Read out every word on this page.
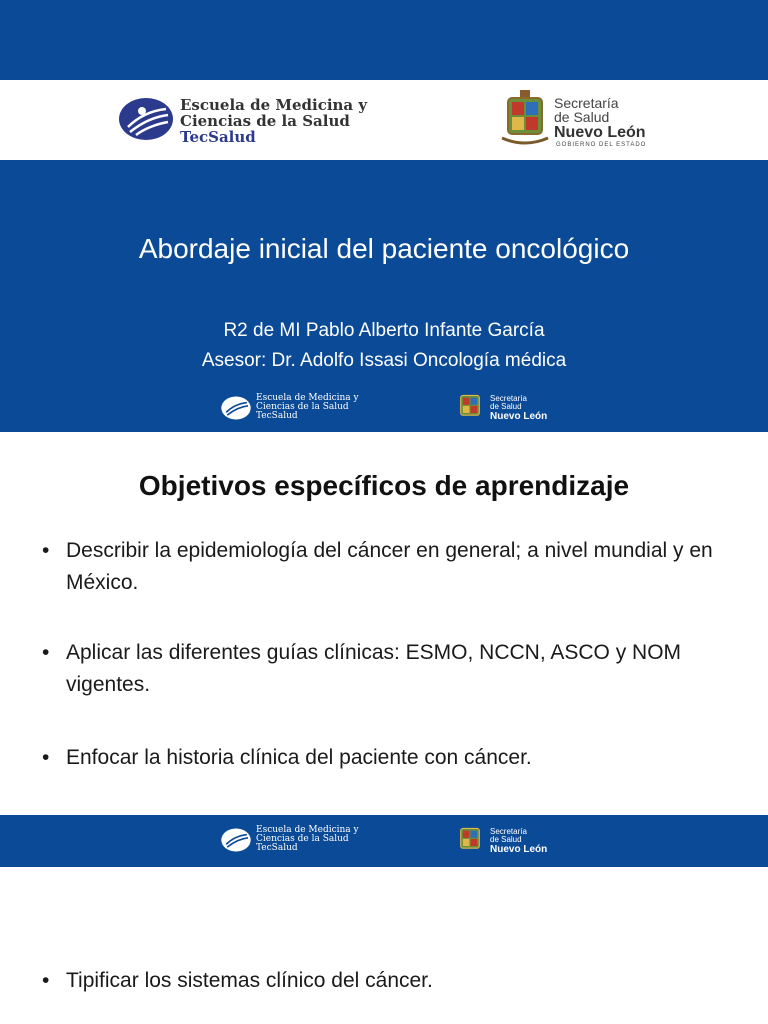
Escuela de Medicina y
Ciencias de la Salud
TecSalud
Secretaría
de Salud
Nuevo León
GOBIERNO DEL ESTADO
Abordaje inicial del paciente oncológico
R2 de MI Pablo Alberto Infante García
Asesor: Dr. Adolfo Issasi Oncología médica
Escuela de Medicina y
Ciencias de la Salud
TecSalud
Secretaría
de Salud
Nuevo León
Objetivos específicos de aprendizaje
• Describir la epidemiología del cáncer en general; a nivel mundial y en México.
• Aplicar las diferentes guías clínicas: ESMO, NCCN, ASCO y NOM vigentes.
• Enfocar la historia clínica del paciente con cáncer.
Escuela de Medicina y
Ciencias de la Salud
TecSalud
Secretaría
de Salud
Nuevo León
• Tipificar los sistemas clínico del cáncer.
